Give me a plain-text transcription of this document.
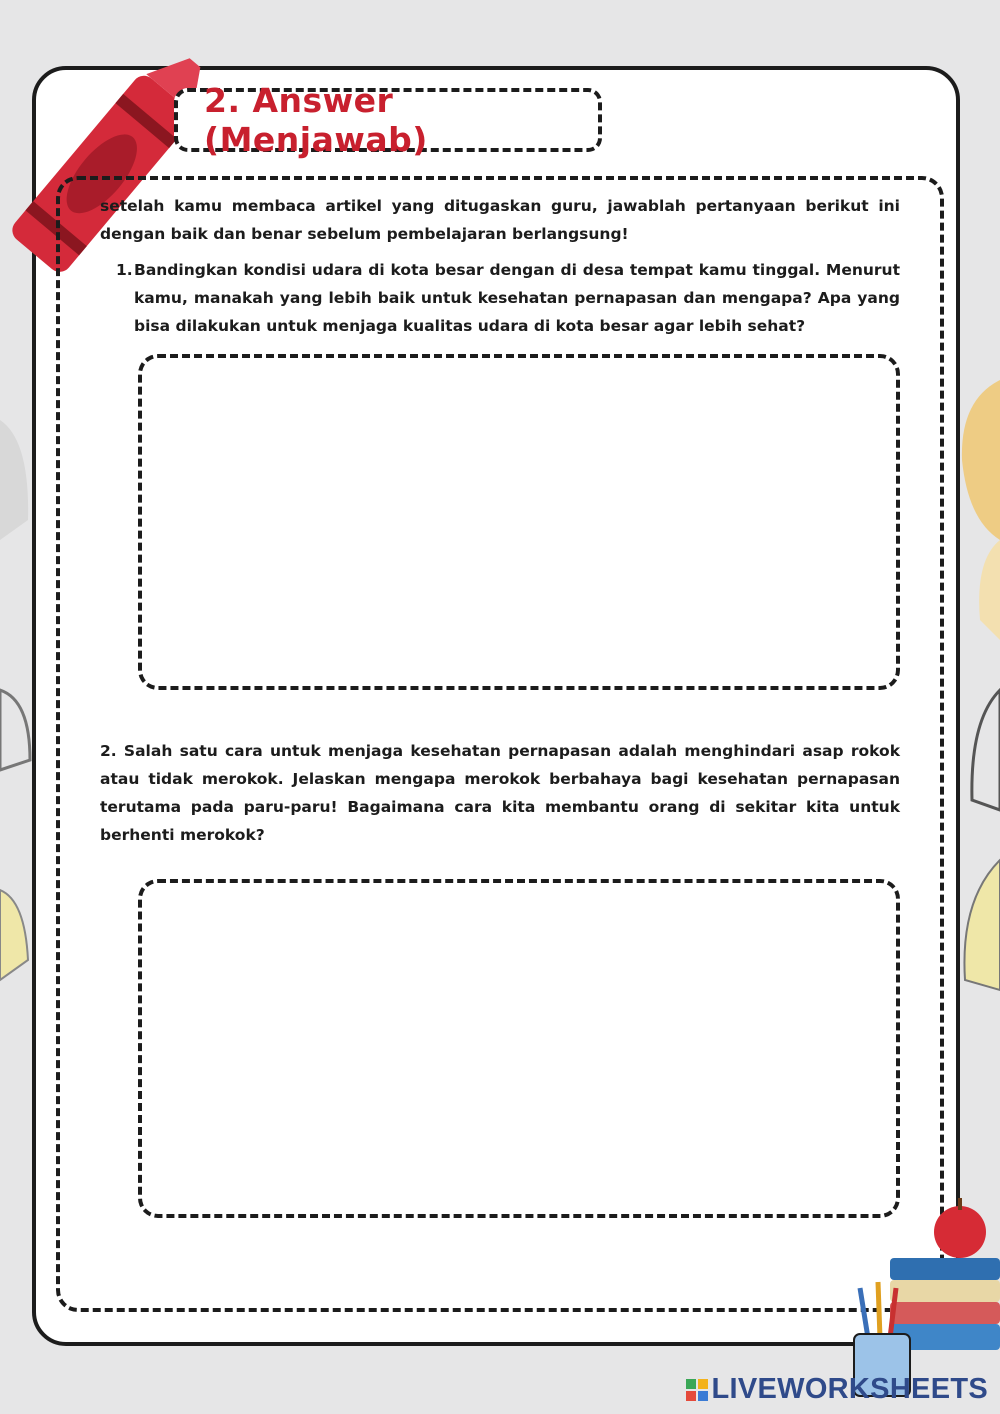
2. Answer (Menjawab)
setelah kamu membaca artikel yang ditugaskan guru, jawablah pertanyaan berikut ini dengan baik dan benar sebelum pembelajaran berlangsung!
1. Bandingkan kondisi udara di kota besar dengan di desa tempat kamu tinggal. Menurut kamu, manakah yang lebih baik untuk kesehatan pernapasan dan mengapa? Apa yang bisa dilakukan untuk menjaga kualitas udara di kota besar agar lebih sehat?
2. Salah satu cara untuk menjaga kesehatan pernapasan adalah menghindari asap rokok atau tidak merokok. Jelaskan mengapa merokok berbahaya bagi kesehatan pernapasan terutama pada paru-paru! Bagaimana cara kita membantu orang di sekitar kita untuk berhenti merokok?
LIVEWORKSHEETS
